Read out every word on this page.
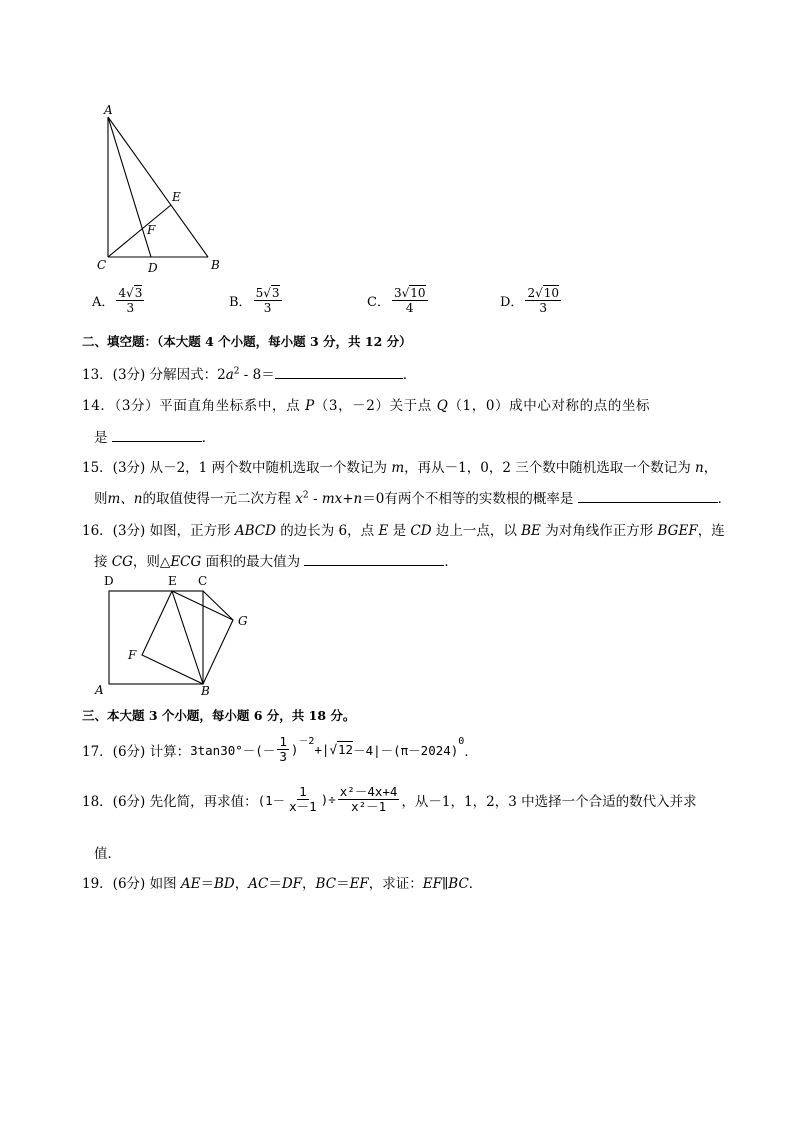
A
B
C	D
E
F
A． $\frac{4√3}{3}$	B． $\frac{5√3}{3}$	C． $\frac{3√10}{4}$	D． $\frac{2√10}{3}$
二、填空题：（本大题 4 个小题，每小题 3 分，共 12 分）
13．(3分) 分解因式：$2a^2 - 8=$	．
14．（3分）平面直角坐标系中，点 P（3，－2）关于点 Q（1，0）成中心对称的点的坐标
是	．
15．(3分) 从－2，1 两个数中随机选取一个数记为 m，再从－1，0，2 三个数中随机选取一个数记为 n，
则m、n的取值使得一元二次方程 $x^2 - mx+n=0$有两个不相等的实数根的概率是	．
16．(3分) 如图，正方形 ABCD 的边长为 6，点 E 是 CD 边上一点，以 BE 为对角线作正方形 BGEF，连
接 CG，则△ECG 面积的最大值为	．
D	E C
G
F
A	B
三、本大题 3 个小题，每小题 6 分，共 18 分。
17．(6分) 计算： $3\tan 30^\circ-(- \frac{1}{3}$ )
$^{-2}$
+| √12 －4|－(π－2024)
$^0$
．
18．(6分) 先化简，再求值： ($1- \frac{1}{x-1}$ )÷ $\frac{\text{x²－4x+4}}{\text{x²－1}}$ ，从－1，1，2，3 中选择一个合适的数代入并求
值．
19．(6分) 如图 AE＝BD，AC＝DF，BC＝EF，求证：EF∥BC．
